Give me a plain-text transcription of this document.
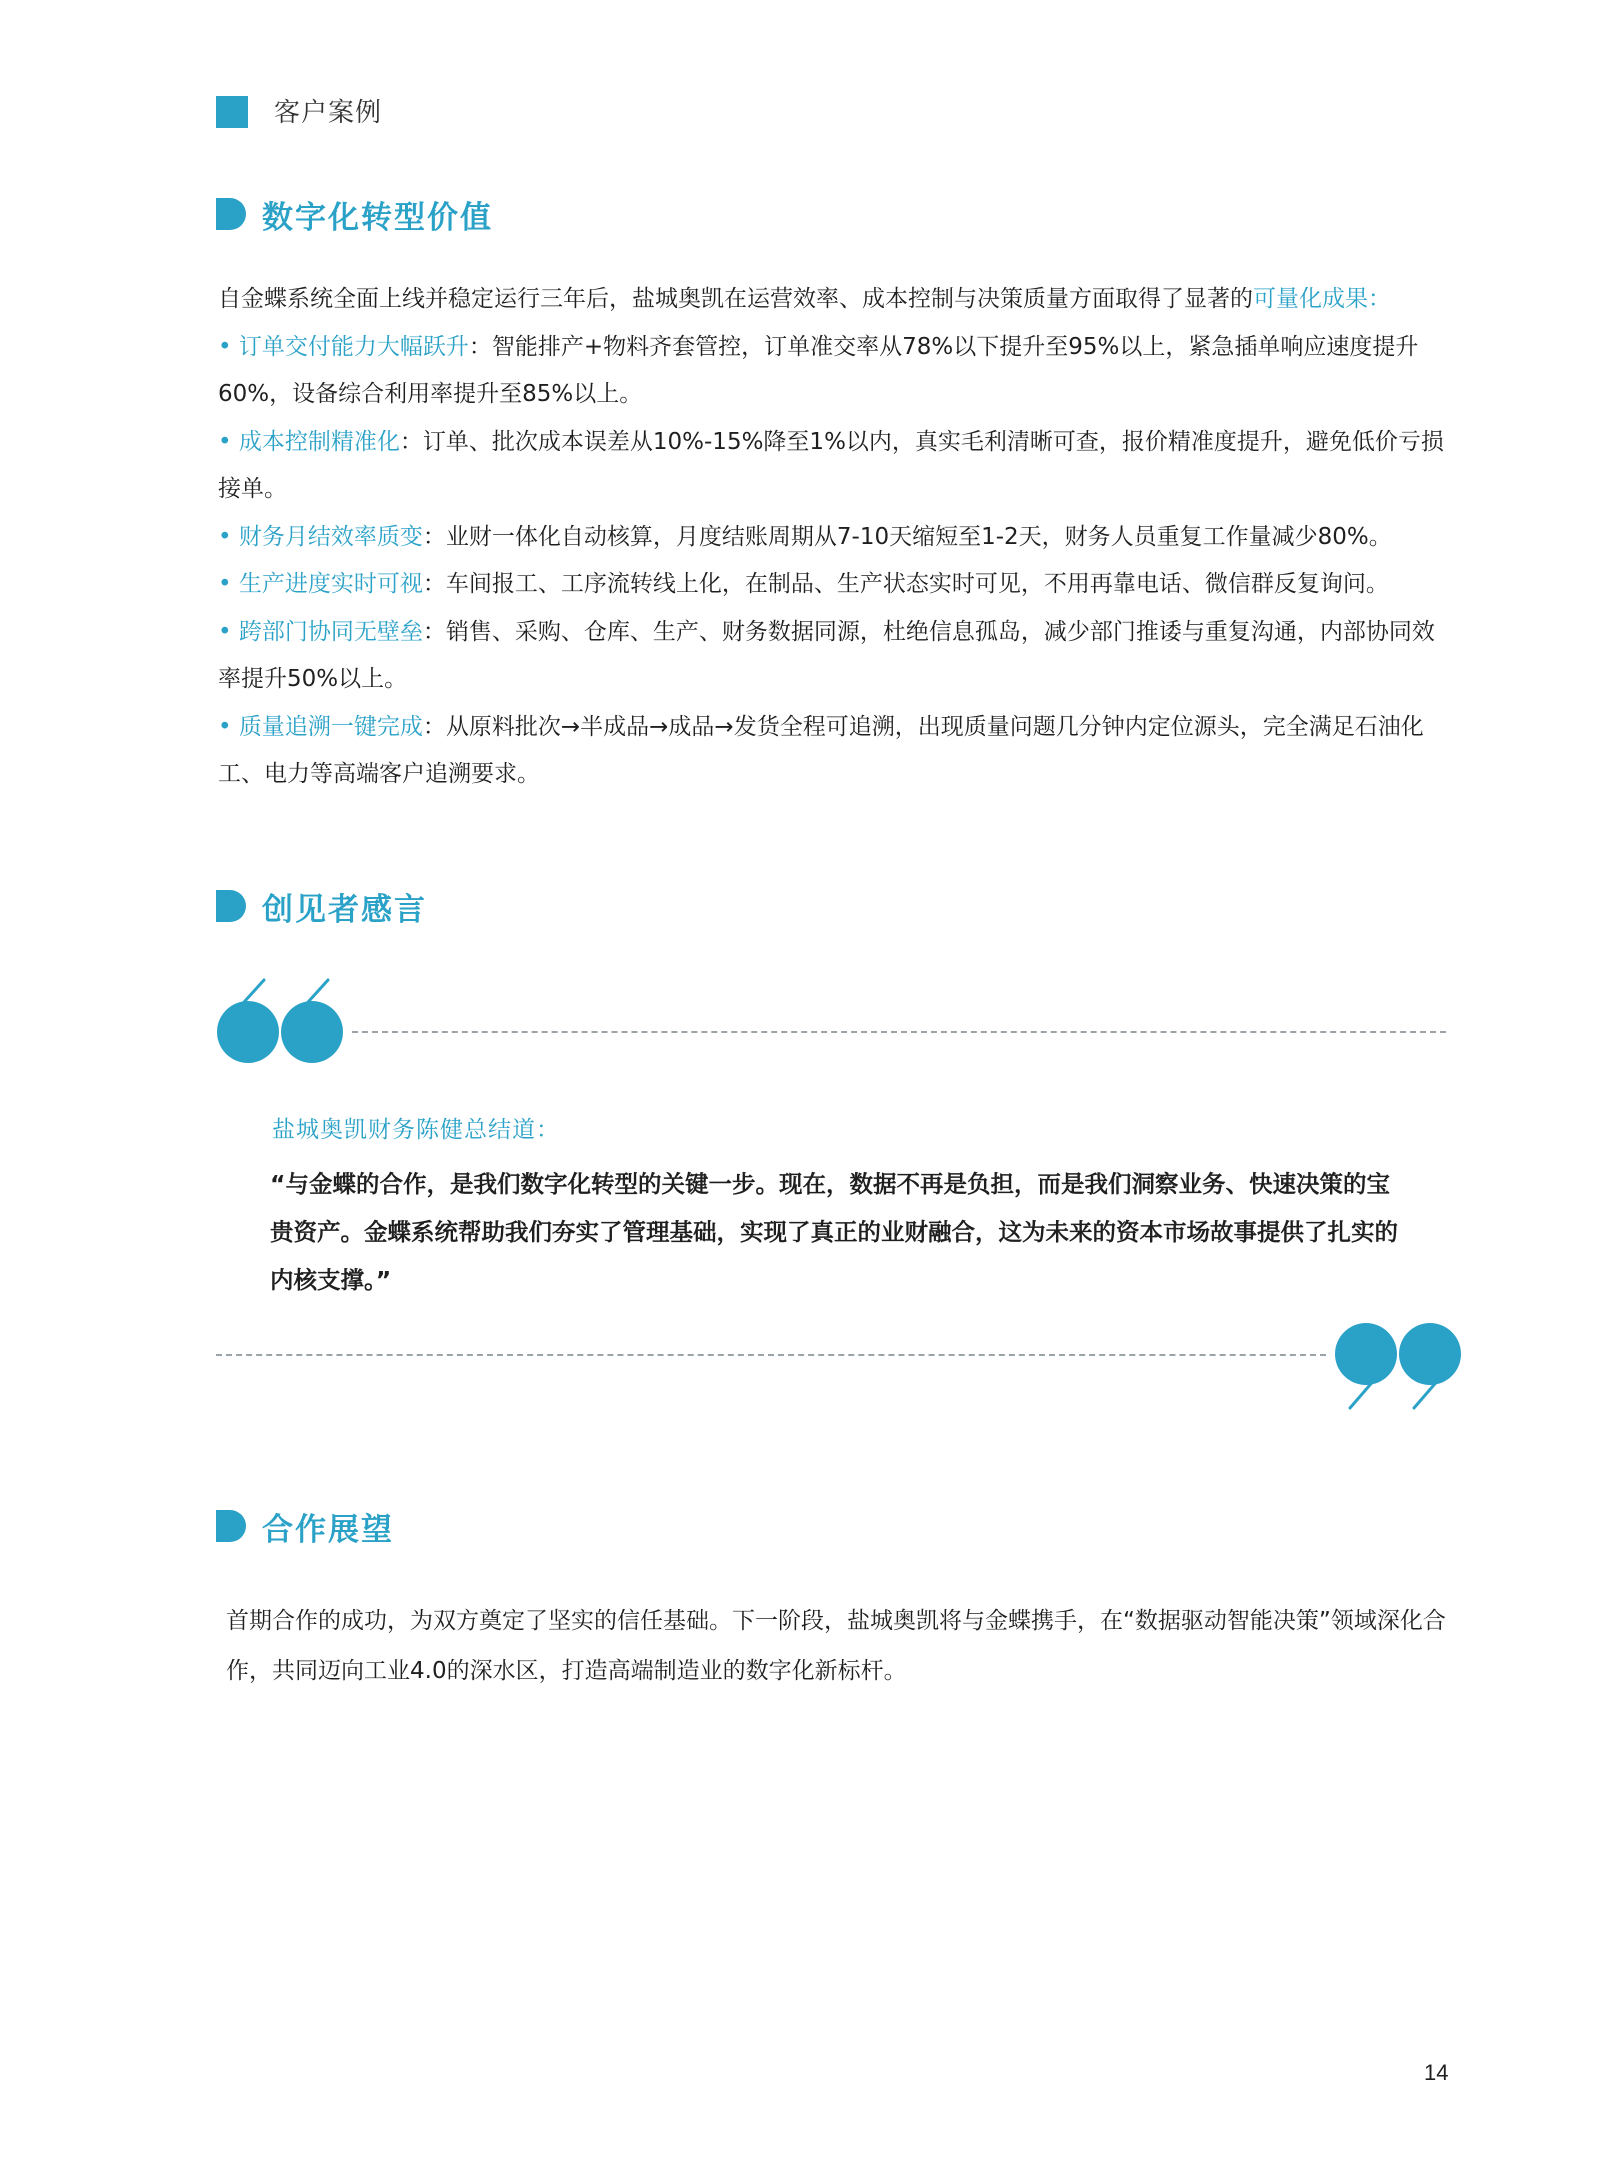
客户案例
数字化转型价值

自金蝶系统全面上线并稳定运行三年后，盐城奥凯在运营效率、成本控制与决策质量方面取得了显著的可量化成果：

• 订单交付能力大幅跃升：智能排产+物料齐套管控，订单准交率从78%以下提升至95%以上，紧急插单响应速度提升60%，设备综合利用率提升至85%以上。

• 成本控制精准化：订单、批次成本误差从10%-15%降至1%以内，真实毛利清晰可查，报价精准度提升，避免低价亏损接单。

• 财务月结效率质变：业财一体化自动核算，月度结账周期从7-10天缩短至1-2天，财务人员重复工作量减少80%。

• 生产进度实时可视：车间报工、工序流转线上化，在制品、生产状态实时可见，不用再靠电话、微信群反复询问。

• 跨部门协同无壁垒：销售、采购、仓库、生产、财务数据同源，杜绝信息孤岛，减少部门推诿与重复沟通，内部协同效率提升50%以上。

• 质量追溯一键完成：从原料批次→半成品→成品→发货全程可追溯，出现质量问题几分钟内定位源头，完全满足石油化工、电力等高端客户追溯要求。

创见者感言
盐城奥凯财务陈健总结道：
“与金蝶的合作，是我们数字化转型的关键一步。现在，数据不再是负担，而是我们洞察业务、快速决策的宝贵资产。金蝶系统帮助我们夯实了管理基础，实现了真正的业财融合，这为未来的资本市场故事提供了扎实的内核支撑。”
合作展望
首期合作的成功，为双方奠定了坚实的信任基础。下一阶段，盐城奥凯将与金蝶携手，在“数据驱动智能决策”领域深化合作，共同迈向工业4.0的深水区，打造高端制造业的数字化新标杆。
14
